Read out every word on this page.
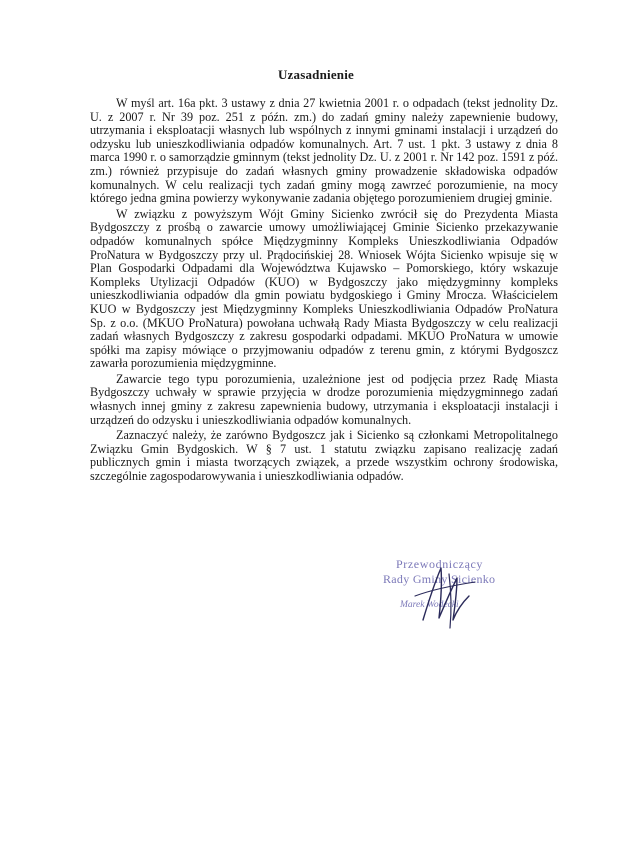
Uzasadnienie

W myśl art. 16a pkt. 3 ustawy z dnia 27 kwietnia 2001 r. o odpadach (tekst jednolity Dz. U. z 2007 r. Nr 39 poz. 251 z późn. zm.) do zadań gminy należy zapewnienie budowy, utrzymania i eksploatacji własnych lub wspólnych z innymi gminami instalacji i urządzeń do odzysku lub unieszkodliwiania odpadów komunalnych. Art. 7 ust. 1 pkt. 3 ustawy z dnia 8 marca 1990 r. o samorządzie gminnym (tekst jednolity Dz. U. z 2001 r. Nr 142 poz. 1591 z póź. zm.) również przypisuje do zadań własnych gminy prowadzenie składowiska odpadów komunalnych. W celu realizacji tych zadań gminy mogą zawrzeć porozumienie, na mocy którego jedna gmina powierzy wykonywanie zadania objętego porozumieniem drugiej gminie.

W związku z powyższym Wójt Gminy Sicienko zwrócił się do Prezydenta Miasta Bydgoszczy z prośbą o zawarcie umowy umożliwiającej Gminie Sicienko przekazywanie odpadów komunalnych spółce Międzygminny Kompleks Unieszkodliwiania Odpadów ProNatura w Bydgoszczy przy ul. Prądocińskiej 28. Wniosek Wójta Sicienko wpisuje się w Plan Gospodarki Odpadami dla Województwa Kujawsko – Pomorskiego, który wskazuje Kompleks Utylizacji Odpadów (KUO) w Bydgoszczy jako międzygminny kompleks unieszkodliwiania odpadów dla gmin powiatu bydgoskiego i Gminy Mrocza. Właścicielem KUO w Bydgoszczy jest Międzygminny Kompleks Unieszkodliwiania Odpadów ProNatura Sp. z o.o. (MKUO ProNatura) powołana uchwałą Rady Miasta Bydgoszczy w celu realizacji zadań własnych Bydgoszczy z zakresu gospodarki odpadami. MKUO ProNatura w umowie spółki ma zapisy mówiące o przyjmowaniu odpadów z terenu gmin, z którymi Bydgoszcz zawarła porozumienia międzygminne.

Zawarcie tego typu porozumienia, uzależnione jest od podjęcia przez Radę Miasta Bydgoszczy uchwały w sprawie przyjęcia w drodze porozumienia międzygminnego zadań własnych innej gminy z zakresu zapewnienia budowy, utrzymania i eksploatacji instalacji i urządzeń do odzysku i unieszkodliwiania odpadów komunalnych.

Zaznaczyć należy, że zarówno Bydgoszcz jak i Sicienko są członkami Metropolitalnego Związku Gmin Bydgoskich. W § 7 ust. 1 statutu związku zapisano realizację zadań publicznych gmin i miasta tworzących związek, a przede wszystkim ochrony środowiska, szczególnie zagospodarowywania i unieszkodliwiania odpadów.

Przewodniczący
Rady Gminy Sicienko
Marek Wodecki
